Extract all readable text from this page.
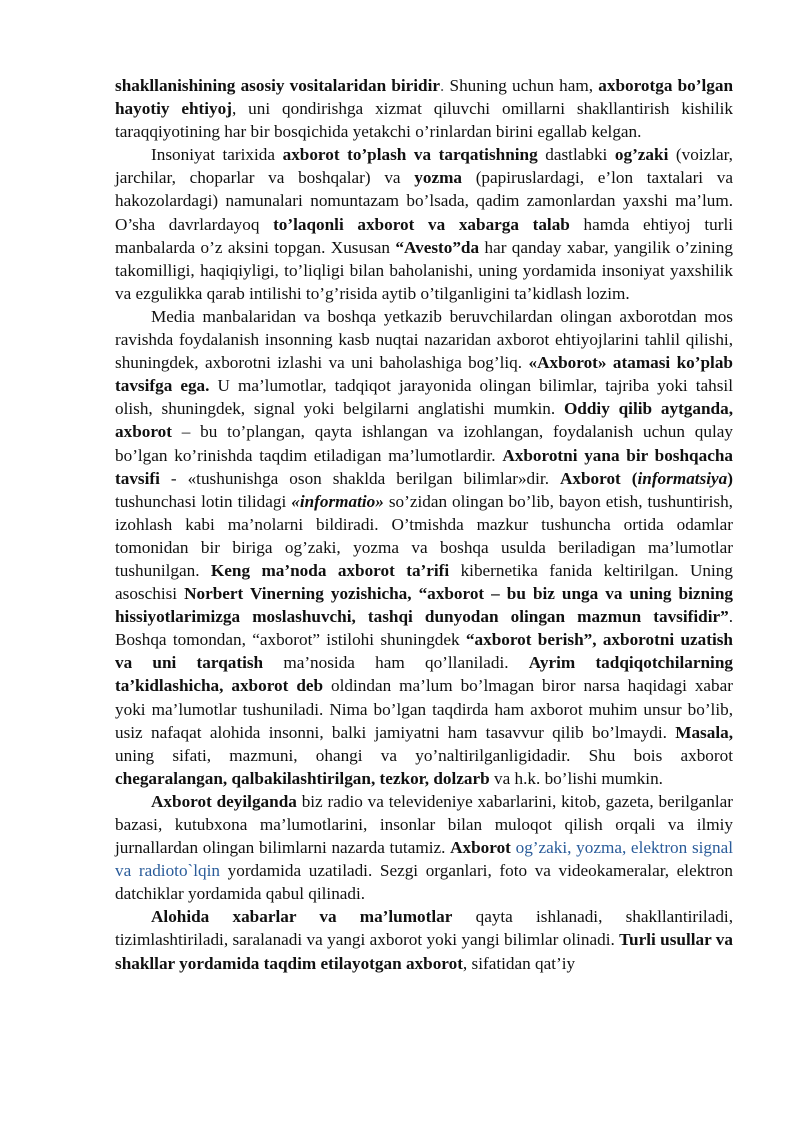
shakllanishining asosiy vositalaridan biridir. Shuning uchun ham, axborotga bo’lgan hayotiy ehtiyoj, uni qondirishga xizmat qiluvchi omillarni shakllantirish kishilik taraqqiyotining har bir bosqichida yetakchi o’rinlardan birini egallab kelgan.

Insoniyat tarixida axborot to’plash va tarqatishning dastlabki og’zaki (voizlar, jarchilar, choparlar va boshqalar) va yozma (papiruslardagi, e’lon taxtalari va hakozolardagi) namunalari nomuntazam bo’lsada, qadim zamonlardan yaxshi ma’lum. O’sha davrlardayoq to’laqonli axborot va xabarga talab hamda ehtiyoj turli manbalarda o’z aksini topgan. Xususan “Avesto”da har qanday xabar, yangilik o’zining takomilligi, haqiqiyligi, to’liqligi bilan baholanishi, uning yordamida insoniyat yaxshilik va ezgulikka qarab intilishi to’g’risida aytib o’tilganligini ta’kidlash lozim.

Media manbalaridan va boshqa yetkazib beruvchilardan olingan axborotdan mos ravishda foydalanish insonning kasb nuqtai nazaridan axborot ehtiyojlarini tahlil qilishi, shuningdek, axborotni izlashi va uni baholashiga bog’liq. «Axborot» atamasi ko’plab tavsifga ega. U ma’lumotlar, tadqiqot jarayonida olingan bilimlar, tajriba yoki tahsil olish, shuningdek, signal yoki belgilarni anglatishi mumkin. Oddiy qilib aytganda, axborot – bu to’plangan, qayta ishlangan va izohlangan, foydalanish uchun qulay bo’lgan ko’rinishda taqdim etiladigan ma’lumotlardir. Axborotni yana bir boshqacha tavsifi - «tushunishga oson shaklda berilgan bilimlar»dir. Axborot (informatsiya) tushunchasi lotin tilidagi «informatio» so’zidan olingan bo’lib, bayon etish, tushuntirish, izohlash kabi ma’nolarni bildiradi. O’tmishda mazkur tushuncha ortida odamlar tomonidan bir biriga og’zaki, yozma va boshqa usulda beriladigan ma’lumotlar tushunilgan. Keng ma’noda axborot ta’rifi kibernetika fanida keltirilgan. Uning asoschisi Norbert Vinerning yozishicha, “axborot – bu biz unga va uning bizning hissiyotlarimizga moslashuvchi, tashqi dunyodan olingan mazmun tavsifidir”. Boshqa tomondan, “axborot” istilohi shuningdek “axborot berish”, axborotni uzatish va uni tarqatish ma’nosida ham qo’llaniladi. Ayrim tadqiqotchilarning ta’kidlashicha, axborot deb oldindan ma’lum bo’lmagan biror narsa haqidagi xabar yoki ma’lumotlar tushuniladi. Nima bo’lgan taqdirda ham axborot muhim unsur bo’lib, usiz nafaqat alohida insonni, balki jamiyatni ham tasavvur qilib bo’lmaydi. Masala, uning sifati, mazmuni, ohangi va yo’naltirilganligidadir. Shu bois axborot chegaralangan, qalbakilashtirilgan, tezkor, dolzarb va h.k. bo’lishi mumkin.

Axborot deyilganda biz radio va televideniye xabarlarini, kitob, gazeta, berilganlar bazasi, kutubxona ma’lumotlarini, insonlar bilan muloqot qilish orqali va ilmiy jurnallardan olingan bilimlarni nazarda tutamiz. Axborot og’zaki, yozma, elektron signal va radioto`lqin yordamida uzatiladi. Sezgi organlari, foto va videokameralar, elektron datchiklar yordamida qabul qilinadi.

Alohida xabarlar va ma’lumotlar qayta ishlanadi, shakllantiriladi, tizimlashtiriladi, saralanadi va yangi axborot yoki yangi bilimlar olinadi. Turli usullar va shakllar yordamida taqdim etilayotgan axborot, sifatidan qat’iy
